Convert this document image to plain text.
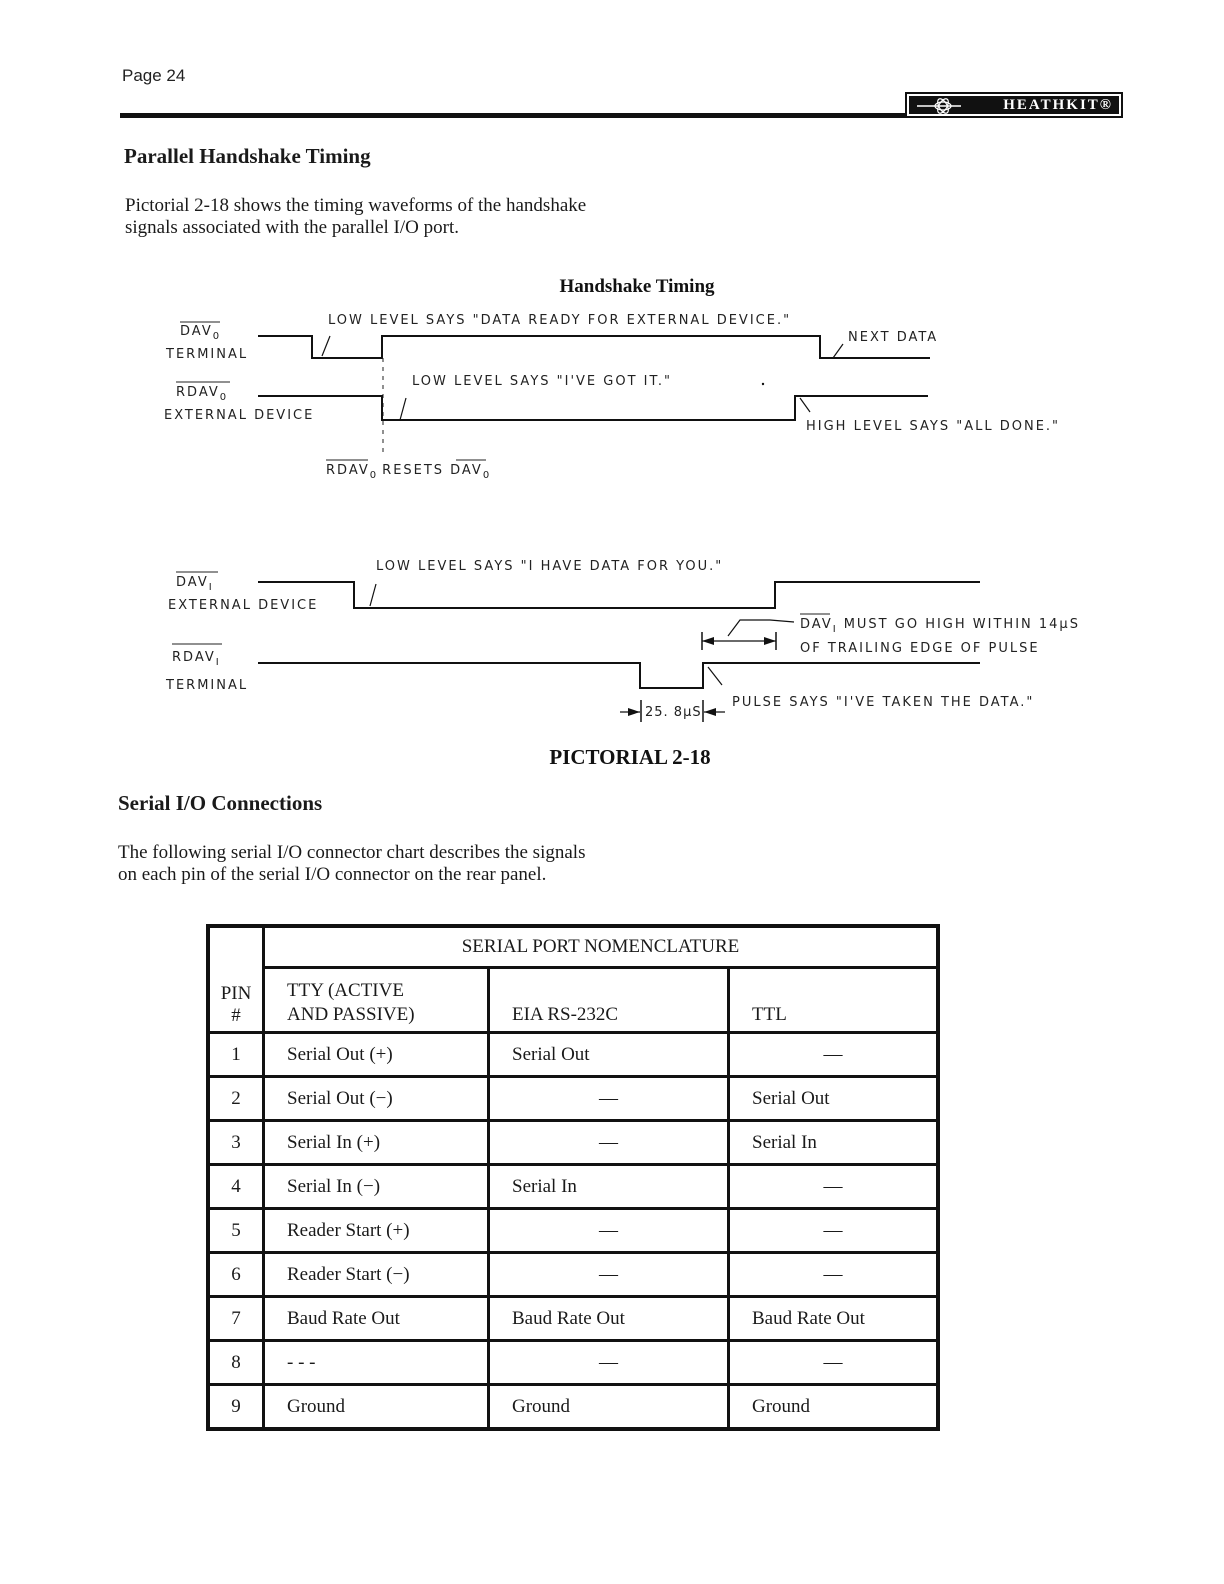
Page 24
HEATHKIT®
Parallel Handshake Timing

Pictorial 2-18 shows the timing waveforms of the handshake signals associated with the parallel I/O port.

Handshake Timing
$DAV_0$
TERMINAL
LOW LEVEL SAYS "DATA READY FOR EXTERNAL DEVICE."
NEXT DATA
$RDAV_0$
EXTERNAL DEVICE
LOW LEVEL SAYS "I'VE GOT IT."
HIGH LEVEL SAYS "ALL DONE."
$RDAV_0$ RESETS $DAV_0$
LOW LEVEL SAYS "I HAVE DATA FOR YOU."
$DAV_I$
EXTERNAL DEVICE
$DAV_I$ MUST GO HIGH WITHIN 14μS
OF TRAILING EDGE OF PULSE
$RDAV_I$
TERMINAL
PULSE SAYS "I'VE TAKEN THE DATA."
25. 8μS
PICTORIAL 2-18
Serial I/O Connections

The following serial I/O connector chart describes the signals on each pin of the serial I/O connector on the rear panel.

PIN #	SERIAL PORT NOMENCLATURE		
	TTY (ACTIVE
AND PASSIVE)	EIA RS-232C	TTL
1	Serial Out (+)	Serial Out	—
2	Serial Out (−)	—	Serial Out
3	Serial In (+)	—	Serial In
4	Serial In (−)	Serial In	—
5	Reader Start (+)	—	—
6	Reader Start (−)	—	—
7	Baud Rate Out	Baud Rate Out	Baud Rate Out
8	- - -	—	—
9	Ground	Ground	Ground
